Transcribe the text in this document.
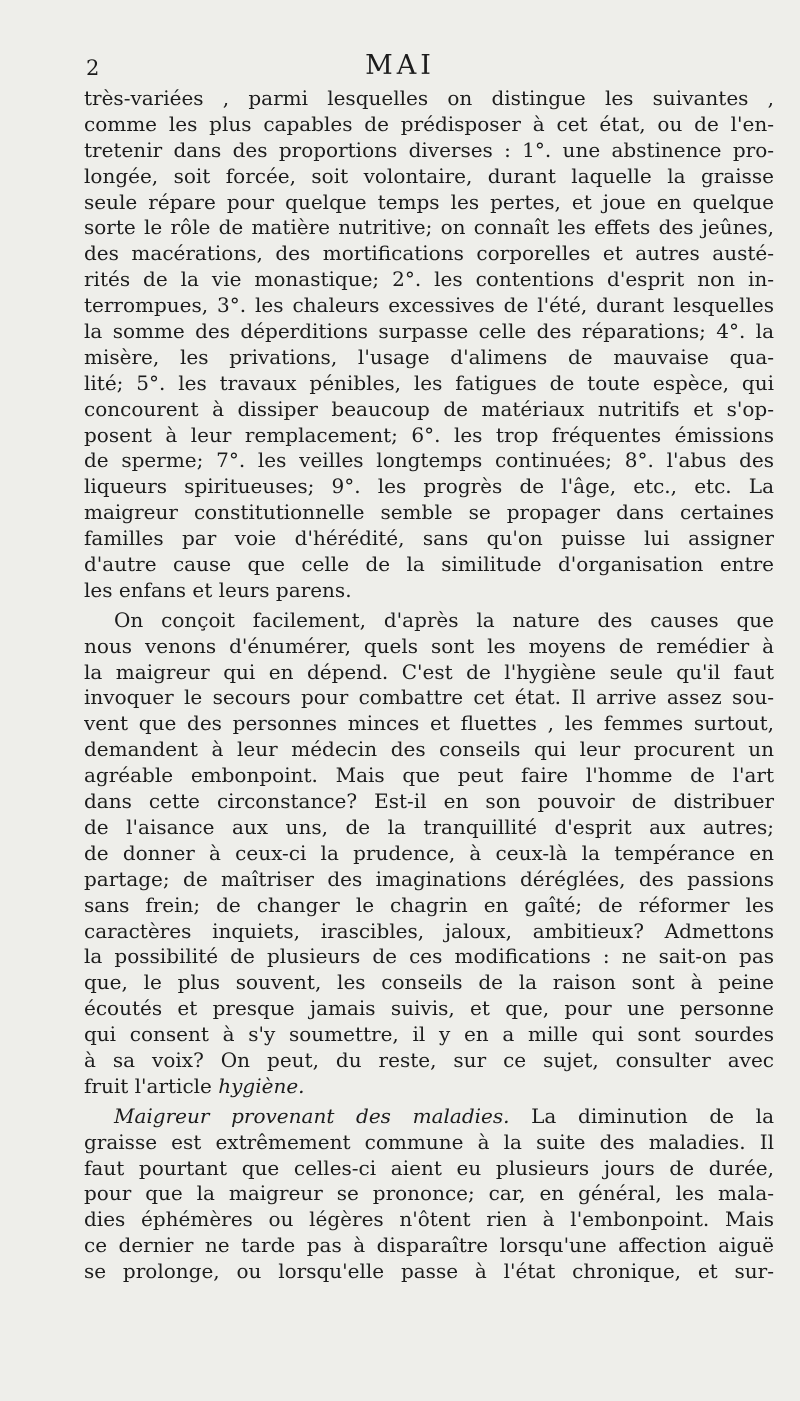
2	MAI
très-variées , parmi lesquelles on distingue les suivantes ,
comme les plus capables de prédisposer à cet état, ou de l'en-
tretenir dans des proportions diverses : 1°. une abstinence pro-
longée, soit forcée, soit volontaire, durant laquelle la graisse
seule répare pour quelque temps les pertes, et joue en quelque
sorte le rôle de matière nutritive; on connaît les effets des jeûnes,
des macérations, des mortifications corporelles et autres austé-
rités de la vie monastique; 2°. les contentions d'esprit non in-
terrompues, 3°. les chaleurs excessives de l'été, durant lesquelles
la somme des déperditions surpasse celle des réparations; 4°. la
misère, les privations, l'usage d'alimens de mauvaise qua-
lité; 5°. les travaux pénibles, les fatigues de toute espèce, qui
concourent à dissiper beaucoup de matériaux nutritifs et s'op-
posent à leur remplacement; 6°. les trop fréquentes émissions
de sperme; 7°. les veilles longtemps continuées; 8°. l'abus des
liqueurs spiritueuses; 9°. les progrès de l'âge, etc., etc. La
maigreur constitutionnelle semble se propager dans certaines
familles par voie d'hérédité, sans qu'on puisse lui assigner
d'autre cause que celle de la similitude d'organisation entre
les enfans et leurs parens.
On conçoit facilement, d'après la nature des causes que
nous venons d'énumérer, quels sont les moyens de remédier à
la maigreur qui en dépend. C'est de l'hygiène seule qu'il faut
invoquer le secours pour combattre cet état. Il arrive assez sou-
vent que des personnes minces et fluettes , les femmes surtout,
demandent à leur médecin des conseils qui leur procurent un
agréable embonpoint. Mais que peut faire l'homme de l'art
dans cette circonstance? Est-il en son pouvoir de distribuer
de l'aisance aux uns, de la tranquillité d'esprit aux autres;
de donner à ceux-ci la prudence, à ceux-là la tempérance en
partage; de maîtriser des imaginations déréglées, des passions
sans frein; de changer le chagrin en gaîté; de réformer les
caractères inquiets, irascibles, jaloux, ambitieux? Admettons
la possibilité de plusieurs de ces modifications : ne sait-on pas
que, le plus souvent, les conseils de la raison sont à peine
écoutés et presque jamais suivis, et que, pour une personne
qui consent à s'y soumettre, il y en a mille qui sont sourdes
à sa voix? On peut, du reste, sur ce sujet, consulter avec
fruit l'article hygiène.
Maigreur provenant des maladies. La diminution de la
graisse est extrêmement commune à la suite des maladies. Il
faut pourtant que celles-ci aient eu plusieurs jours de durée,
pour que la maigreur se prononce; car, en général, les mala-
dies éphémères ou légères n'ôtent rien à l'embonpoint. Mais
ce dernier ne tarde pas à disparaître lorsqu'une affection aiguë
se prolonge, ou lorsqu'elle passe à l'état chronique, et sur-
